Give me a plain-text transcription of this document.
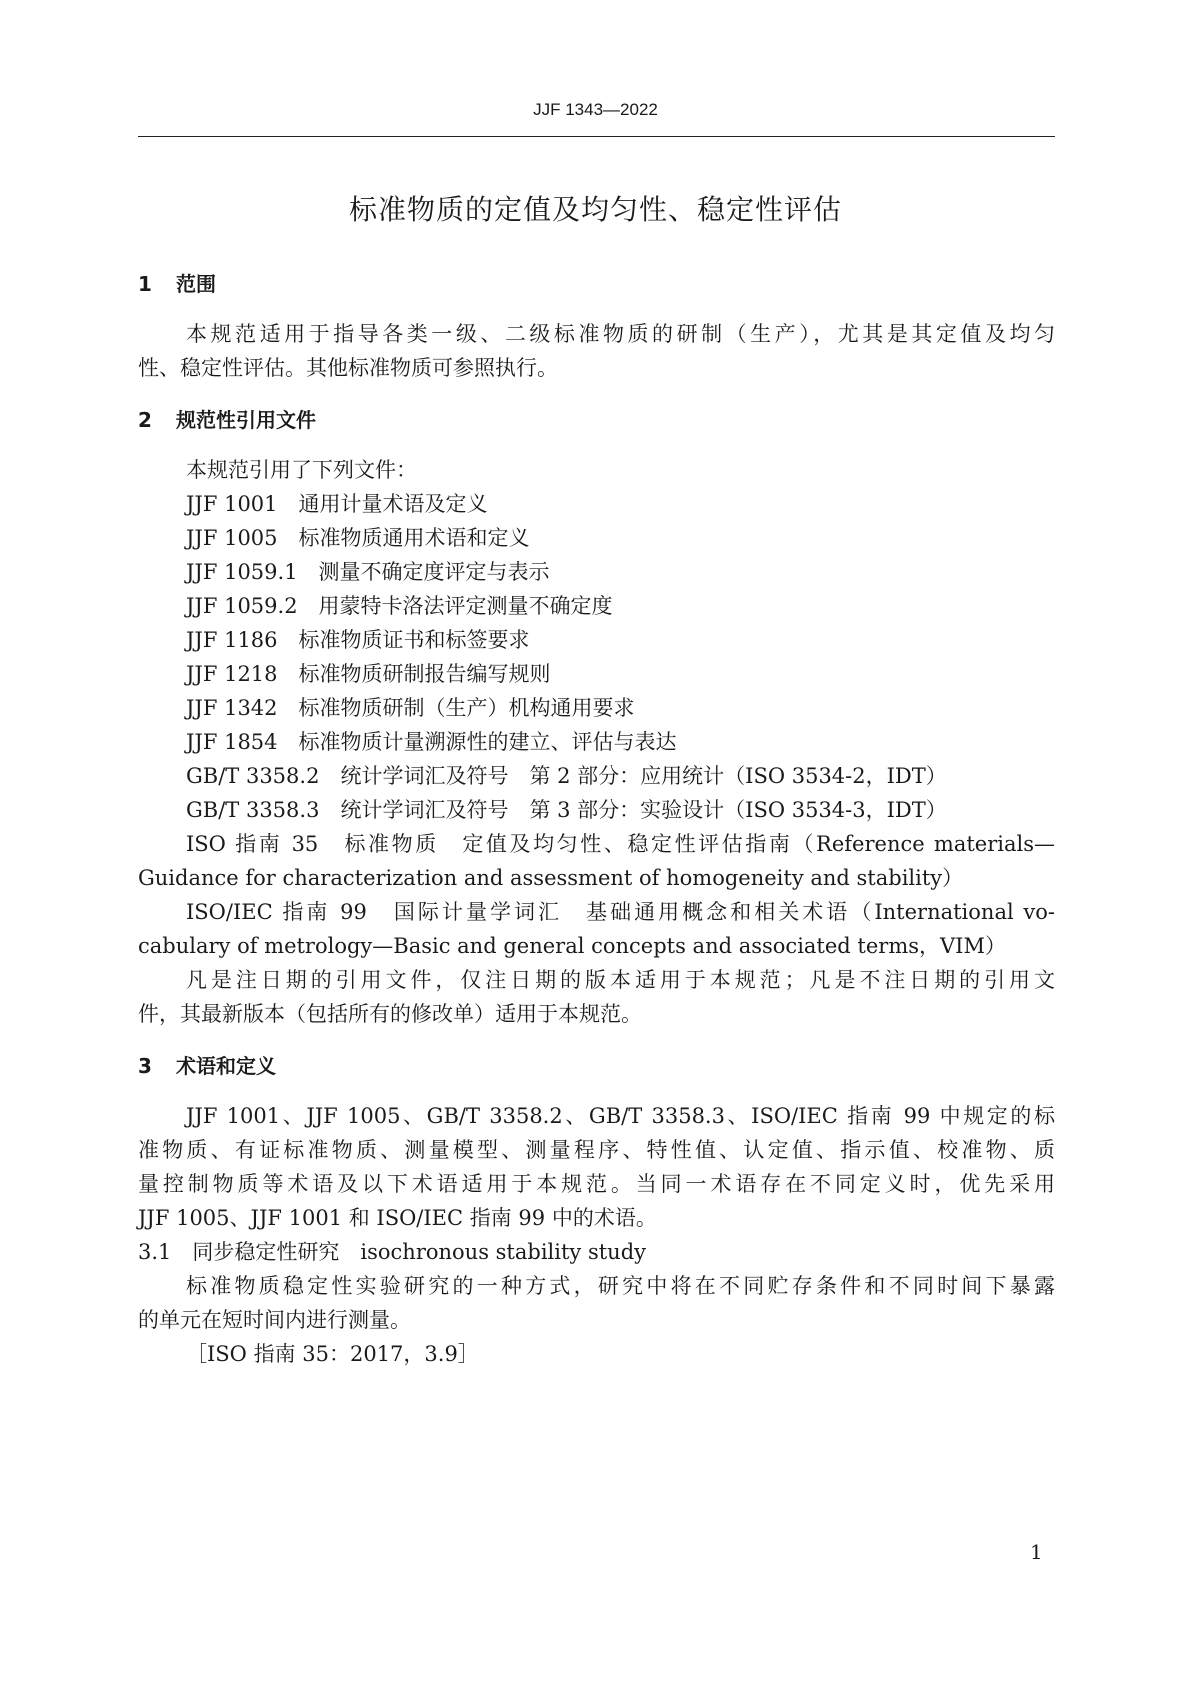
JJF 1343—2022
标准物质的定值及均匀性、稳定性评估
1 范围
本规范适用于指导各类一级、二级标准物质的研制（生产），尤其是其定值及均匀
性、稳定性评估。其他标准物质可参照执行。
2 规范性引用文件
本规范引用了下列文件：
JJF 1001　通用计量术语及定义
JJF 1005　标准物质通用术语和定义
JJF 1059.1　测量不确定度评定与表示
JJF 1059.2　用蒙特卡洛法评定测量不确定度
JJF 1186　标准物质证书和标签要求
JJF 1218　标准物质研制报告编写规则
JJF 1342　标准物质研制（生产）机构通用要求
JJF 1854　标准物质计量溯源性的建立、评估与表达
GB/T 3358.2　统计学词汇及符号　第 2 部分：应用统计（ISO 3534-2，IDT）
GB/T 3358.3　统计学词汇及符号　第 3 部分：实验设计（ISO 3534-3，IDT）
ISO 指南 35　标准物质　定值及均匀性、稳定性评估指南（Reference materials—
Guidance for characterization and assessment of homogeneity and stability）
ISO/IEC 指南 99　国际计量学词汇　基础通用概念和相关术语（International vo-
cabulary of metrology—Basic and general concepts and associated terms，VIM）
凡是注日期的引用文件，仅注日期的版本适用于本规范；凡是不注日期的引用文
件，其最新版本（包括所有的修改单）适用于本规范。
3 术语和定义
JJF 1001、JJF 1005、GB/T 3358.2、GB/T 3358.3、ISO/IEC 指南 99 中规定的标
准物质、有证标准物质、测量模型、测量程序、特性值、认定值、指示值、校准物、质
量控制物质等术语及以下术语适用于本规范。当同一术语存在不同定义时，优先采用
JJF 1005、JJF 1001 和 ISO/IEC 指南 99 中的术语。
3.1　同步稳定性研究　isochronous stability study
标准物质稳定性实验研究的一种方式，研究中将在不同贮存条件和不同时间下暴露
的单元在短时间内进行测量。
［ISO 指南 35：2017，3.9］
1
